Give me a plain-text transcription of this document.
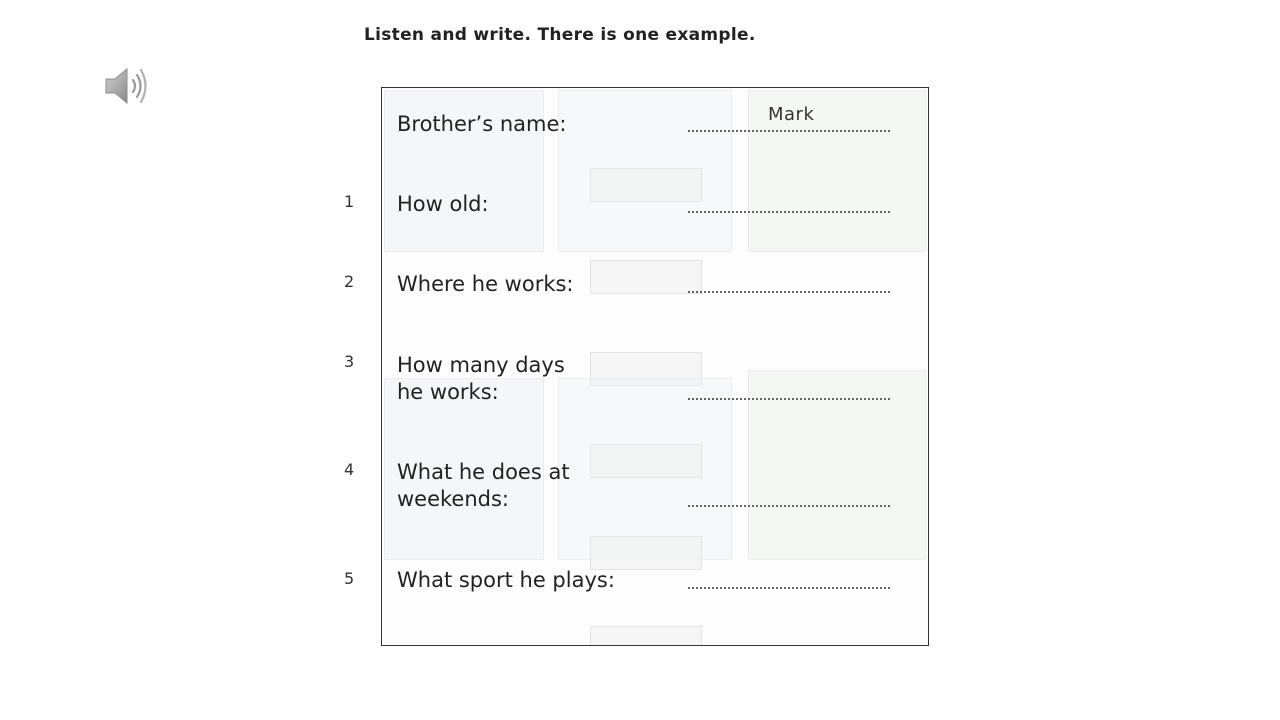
Listen and write. There is one example.
Brother’s name:	Mark
1 How old:
2 Where he works:
3 How many days he works:
4 What he does at weekends:
5 What sport he plays:
